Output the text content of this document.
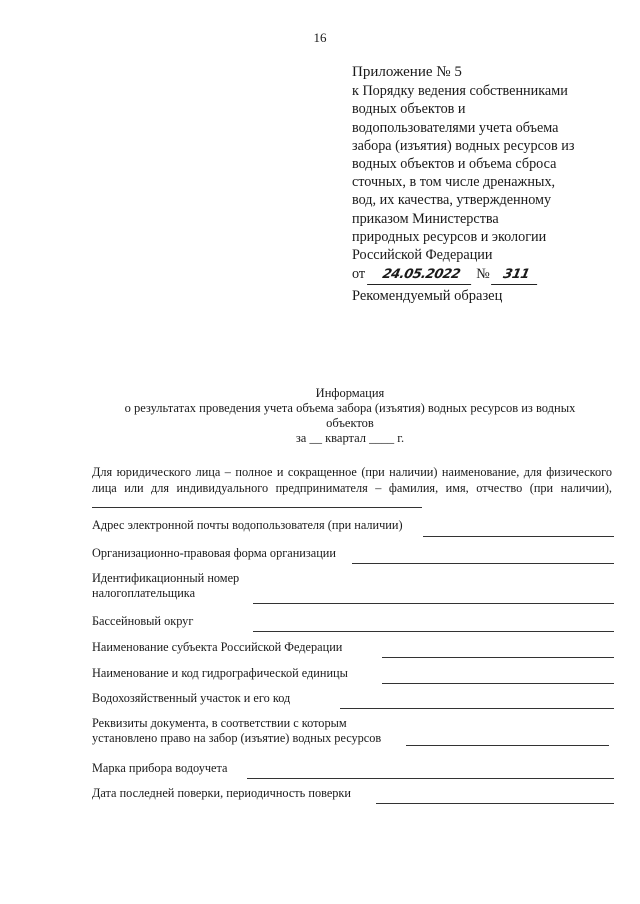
16
Приложение № 5
к Порядку ведения собственниками
водных объектов и
водопользователями учета объема
забора (изъятия) водных ресурсов из
водных объектов и объема сброса
сточных, в том числе дренажных,
вод, их качества, утвержденному
приказом Министерства
природных ресурсов и экологии
Российской Федерации
от 24.05.2022 № 311
Рекомендуемый образец
Информация
о результатах проведения учета объема забора (изъятия) водных ресурсов из водных
объектов
за __ квартал ____ г.
Для юридического лица – полное и сокращенное (при наличии) наименование, для физического лица или для индивидуального предпринимателя – фамилия, имя, отчество (при наличии),
Адрес электронной почты водопользователя (при наличии)
Организационно-правовая форма организации
Идентификационный номер
налогоплательщика
Бассейновый округ
Наименование субъекта Российской Федерации
Наименование и код гидрографической единицы
Водохозяйственный участок и его код
Реквизиты документа, в соответствии с которым
установлено право на забор (изъятие) водных ресурсов
Марка прибора водоучета
Дата последней поверки, периодичность поверки
